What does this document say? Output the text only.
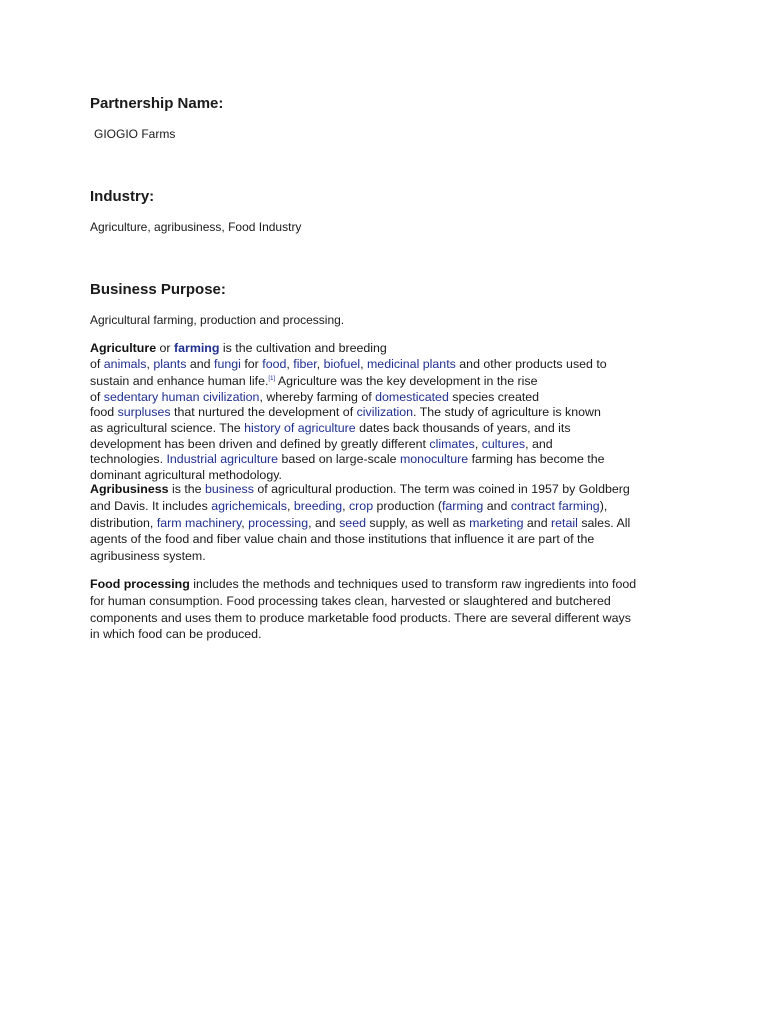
Partnership Name:

GIOGIO Farms

Industry:

Agriculture, agribusiness, Food Industry

Business Purpose:

Agricultural farming, production and processing.

Agriculture or farming is the cultivation and breeding
of animals, plants and fungi for food, fiber, biofuel, medicinal plants and other products used to
sustain and enhance human life.[1] Agriculture was the key development in the rise
of sedentary human civilization, whereby farming of domesticated species created
food surpluses that nurtured the development of civilization. The study of agriculture is known
as agricultural science. The history of agriculture dates back thousands of years, and its
development has been driven and defined by greatly different climates, cultures, and
technologies. Industrial agriculture based on large-scale monoculture farming has become the
dominant agricultural methodology.

Agribusiness is the business of agricultural production. The term was coined in 1957 by Goldberg
and Davis. It includes agrichemicals, breeding, crop production (farming and contract farming),
distribution, farm machinery, processing, and seed supply, as well as marketing and retail sales. All
agents of the food and fiber value chain and those institutions that influence it are part of the
agribusiness system.

Food processing includes the methods and techniques used to transform raw ingredients into food
for human consumption. Food processing takes clean, harvested or slaughtered and butchered
components and uses them to produce marketable food products. There are several different ways
in which food can be produced.
